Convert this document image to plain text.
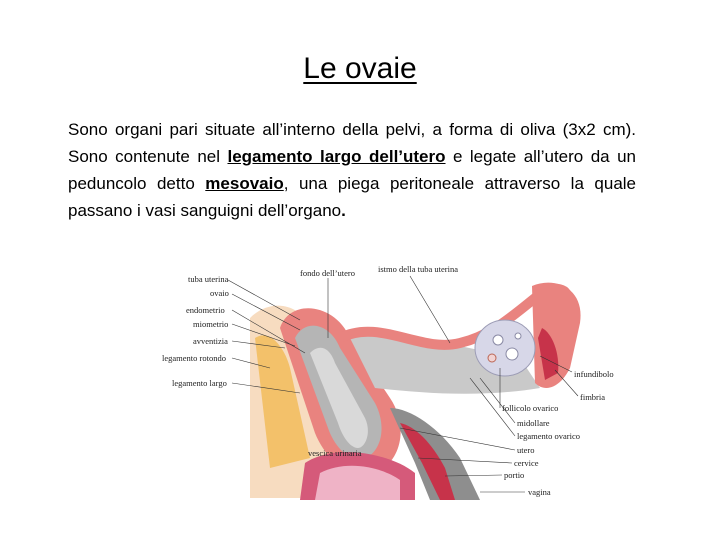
Le ovaie
Sono organi pari situate all’interno della pelvi, a forma di oliva (3x2 cm). Sono contenute nel legamento largo dell’utero e legate all’utero da un peduncolo detto mesovaio, una piega peritoneale attraverso la quale passano i vasi sanguigni dell’organo.
tuba uterina
ovaio
endometrio
miometrio
avventizia
legamento rotondo
legamento largo
fondo dell’utero	istmo della tuba uterina
infundibolo
fimbria
follicolo ovarico
midollare
legamento ovarico
utero
cervice
vescica urinaria
portio
vagina
